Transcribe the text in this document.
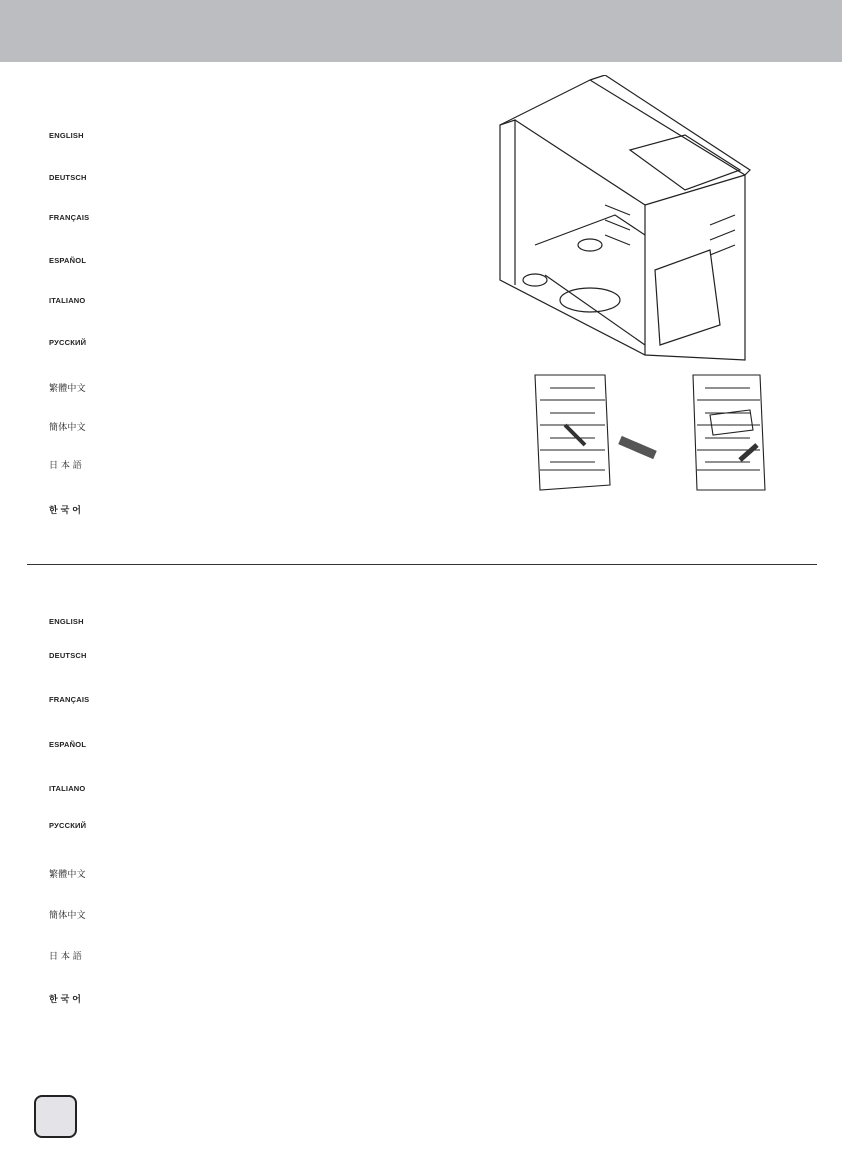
ENGLISH
DEUTSCH
FRANÇAIS
ESPAÑOL
ITALIANO
РУССКИЙ
繁體中文
簡体中文
日 本 語
한 국 어
ENGLISH
DEUTSCH
FRANÇAIS
ESPAÑOL
ITALIANO
РУССКИЙ
繁體中文
簡体中文
日 本 語
한 국 어
